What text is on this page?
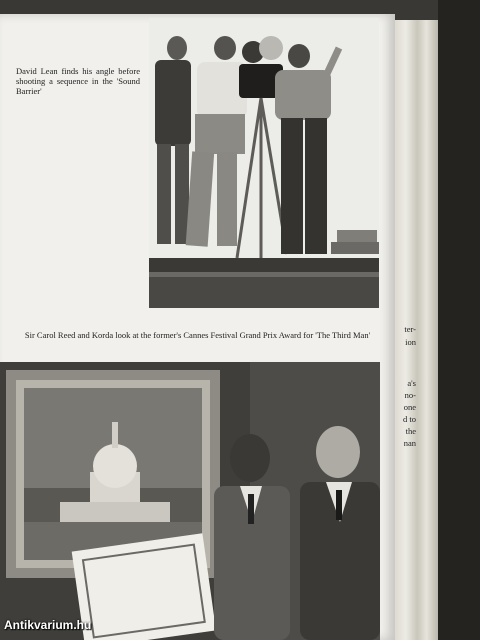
David Lean finds his angle before shooting a sequence in the 'Sound Barrier'
Sir Carol Reed and Korda look at the former's Cannes Festival Grand Prix Award for 'The Third Man'
ter-
ion
a's
no-
one
d to
the
nan
Antikvarium.hu
